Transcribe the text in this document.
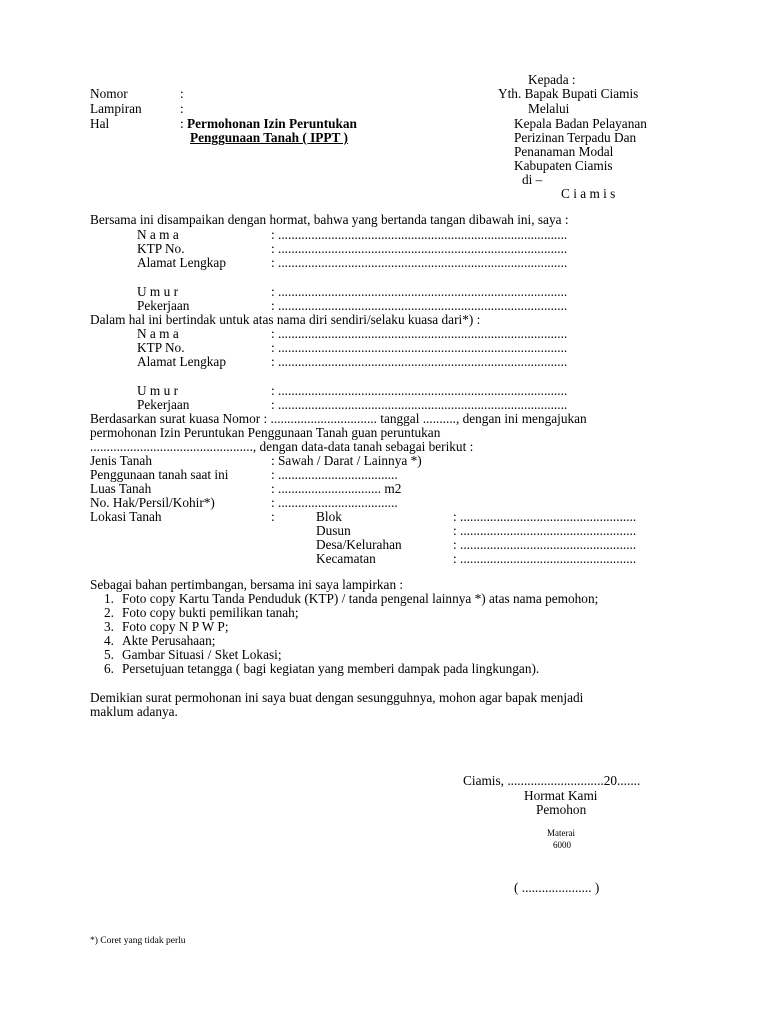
Nomor	:
Lampiran	:
Hal	: Permohonan Izin Peruntukan
Penggunaan Tanah ( IPPT )
Kepada :
Yth. Bapak Bupati Ciamis
Melalui
Kepala Badan Pelayanan
Perizinan Terpadu Dan
Penanaman Modal
Kabupaten Ciamis
di –
C i a m i s
Bersama ini disampaikan dengan hormat, bahwa yang bertanda tangan dibawah ini, saya :
N a m a	: .......................................................................................
KTP No.	: .......................................................................................
Alamat Lengkap	: .......................................................................................
U m u r	: .......................................................................................
Pekerjaan	: .......................................................................................
Dalam hal ini bertindak untuk atas nama diri sendiri/selaku kuasa dari*) :
N a m a	: .......................................................................................
KTP No.	: .......................................................................................
Alamat Lengkap	: .......................................................................................
U m u r	: .......................................................................................
Pekerjaan	: .......................................................................................
Berdasarkan surat kuasa Nomor : ................................ tanggal .........., dengan ini mengajukan
permohonan Izin Peruntukan Penggunaan Tanah guan peruntukan
................................................., dengan data-data tanah sebagai berikut :
Jenis Tanah	: Sawah / Darat / Lainnya *)
Penggunaan tanah saat ini	: ....................................
Luas Tanah	: ............................... m2
No. Hak/Persil/Kohir*)	: ....................................
Lokasi Tanah	:	Blok	: .....................................................
Dusun	: .....................................................
Desa/Kelurahan	: .....................................................
Kecamatan	: .....................................................
Sebagai bahan pertimbangan, bersama ini saya lampirkan :
1. Foto copy Kartu Tanda Penduduk (KTP) / tanda pengenal lainnya *) atas nama pemohon;
2. Foto copy bukti pemilikan tanah;
3. Foto copy N P W P;
4. Akte Perusahaan;
5. Gambar Situasi / Sket Lokasi;
6. Persetujuan tetangga ( bagi kegiatan yang memberi dampak pada lingkungan).
Demikian surat permohonan ini saya buat dengan sesungguhnya, mohon agar bapak menjadi
maklum adanya.
Ciamis, .............................20.......
Hormat Kami
Pemohon
Materai
6000
( ..................... )
*) Coret yang tidak perlu
